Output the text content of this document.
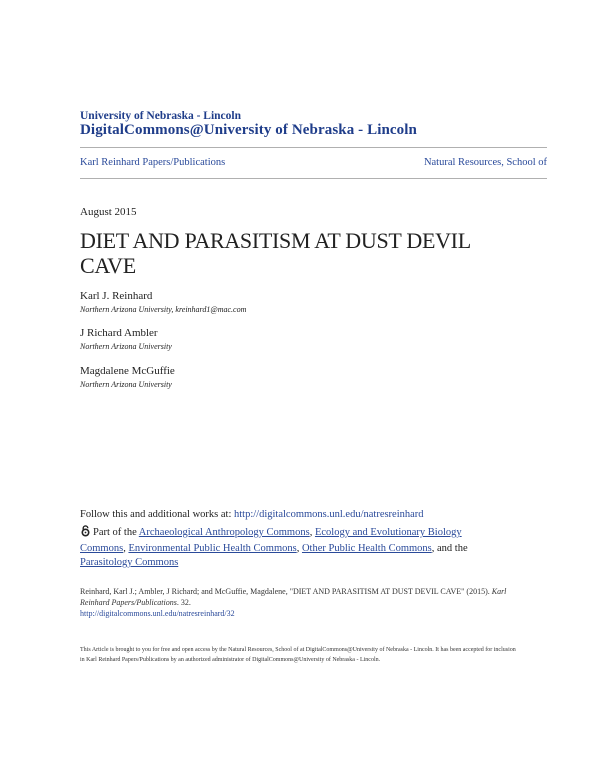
University of Nebraska - Lincoln
DigitalCommons@University of Nebraska - Lincoln
Karl Reinhard Papers/Publications	Natural Resources, School of
August 2015
DIET AND PARASITISM AT DUST DEVIL CAVE
Karl J. Reinhard
Northern Arizona University, kreinhard1@mac.com
J Richard Ambler
Northern Arizona University
Magdalene McGuffie
Northern Arizona University
Follow this and additional works at: http://digitalcommons.unl.edu/natresreinhard
Part of the Archaeological Anthropology Commons, Ecology and Evolutionary Biology Commons, Environmental Public Health Commons, Other Public Health Commons, and the Parasitology Commons
Reinhard, Karl J.; Ambler, J Richard; and McGuffie, Magdalene, "DIET AND PARASITISM AT DUST DEVIL CAVE" (2015). Karl Reinhard Papers/Publications. 32.
http://digitalcommons.unl.edu/natresreinhard/32
This Article is brought to you for free and open access by the Natural Resources, School of at DigitalCommons@University of Nebraska - Lincoln. It has been accepted for inclusion in Karl Reinhard Papers/Publications by an authorized administrator of DigitalCommons@University of Nebraska - Lincoln.
